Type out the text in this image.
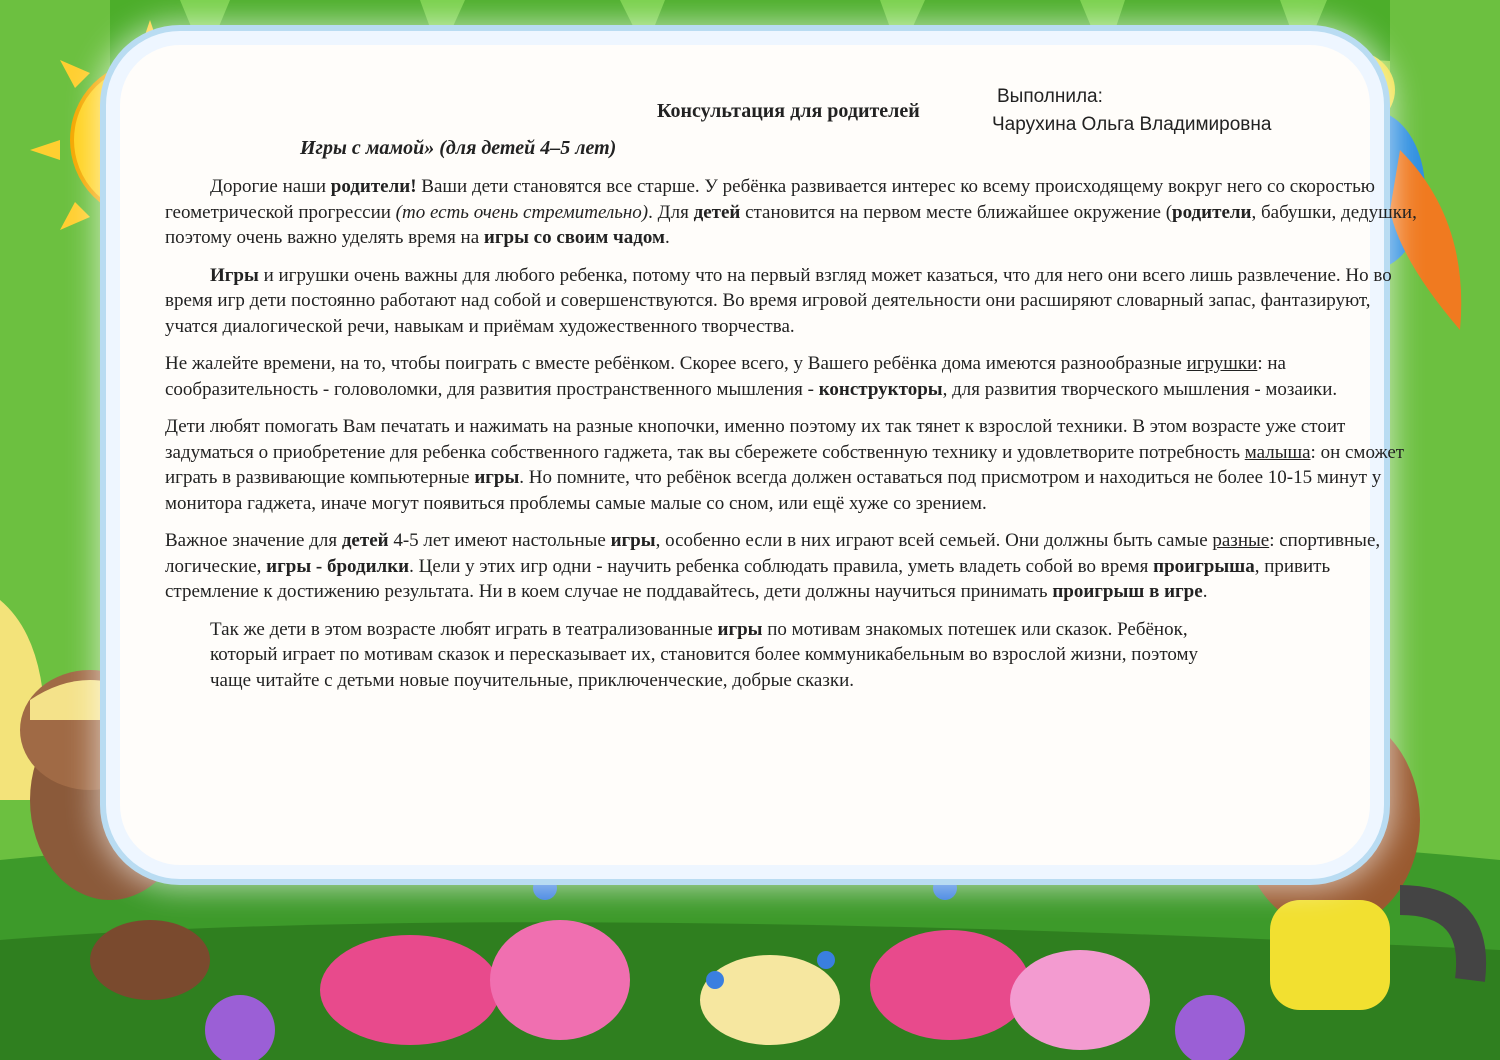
Консультация для родителей
Выполнила:
Чарухина Ольга Владимировна
Игры с мамой» (для детей 4–5 лет)

Дорогие наши родители! Ваши дети становятся все старше. У ребёнка развивается интерес ко всему происходящему вокруг него со скоростью геометрической прогрессии (то есть очень стремительно). Для детей становится на первом месте ближайшее окружение (родители, бабушки, дедушки, поэтому очень важно уделять время на игры со своим чадом.

Игры и игрушки очень важны для любого ребенка, потому что на первый взгляд может казаться, что для него они всего лишь развлечение. Но во время игр дети постоянно работают над собой и совершенствуются. Во время игровой деятельности они расширяют словарный запас, фантазируют, учатся диалогической речи, навыкам и приёмам художественного творчества.

Не жалейте времени, на то, чтобы поиграть с вместе ребёнком. Скорее всего, у Вашего ребёнка дома имеются разнообразные игрушки: на сообразительность - головоломки, для развития пространственного мышления - конструкторы, для развития творческого мышления - мозаики.

Дети любят помогать Вам печатать и нажимать на разные кнопочки, именно поэтому их так тянет к взрослой техники. В этом возрасте уже стоит задуматься о приобретение для ребенка собственного гаджета, так вы сбережете собственную технику и удовлетворите потребность малыша: он сможет играть в развивающие компьютерные игры. Но помните, что ребёнок всегда должен оставаться под присмотром и находиться не более 10-15 минут у монитора гаджета, иначе могут появиться проблемы самые малые со сном, или ещё хуже со зрением.

Важное значение для детей 4-5 лет имеют настольные игры, особенно если в них играют всей семьей. Они должны быть самые разные: спортивные, логические, игры - бродилки. Цели у этих игр одни - научить ребенка соблюдать правила, уметь владеть собой во время проигрыша, привить стремление к достижению результата. Ни в коем случае не поддавайтесь, дети должны научиться принимать проигрыш в игре.

Так же дети в этом возрасте любят играть в театрализованные игры по мотивам знакомых потешек или сказок. Ребёнок, который играет по мотивам сказок и пересказывает их, становится более коммуникабельным во взрослой жизни, поэтому чаще читайте с детьми новые поучительные, приключенческие, добрые сказки.
